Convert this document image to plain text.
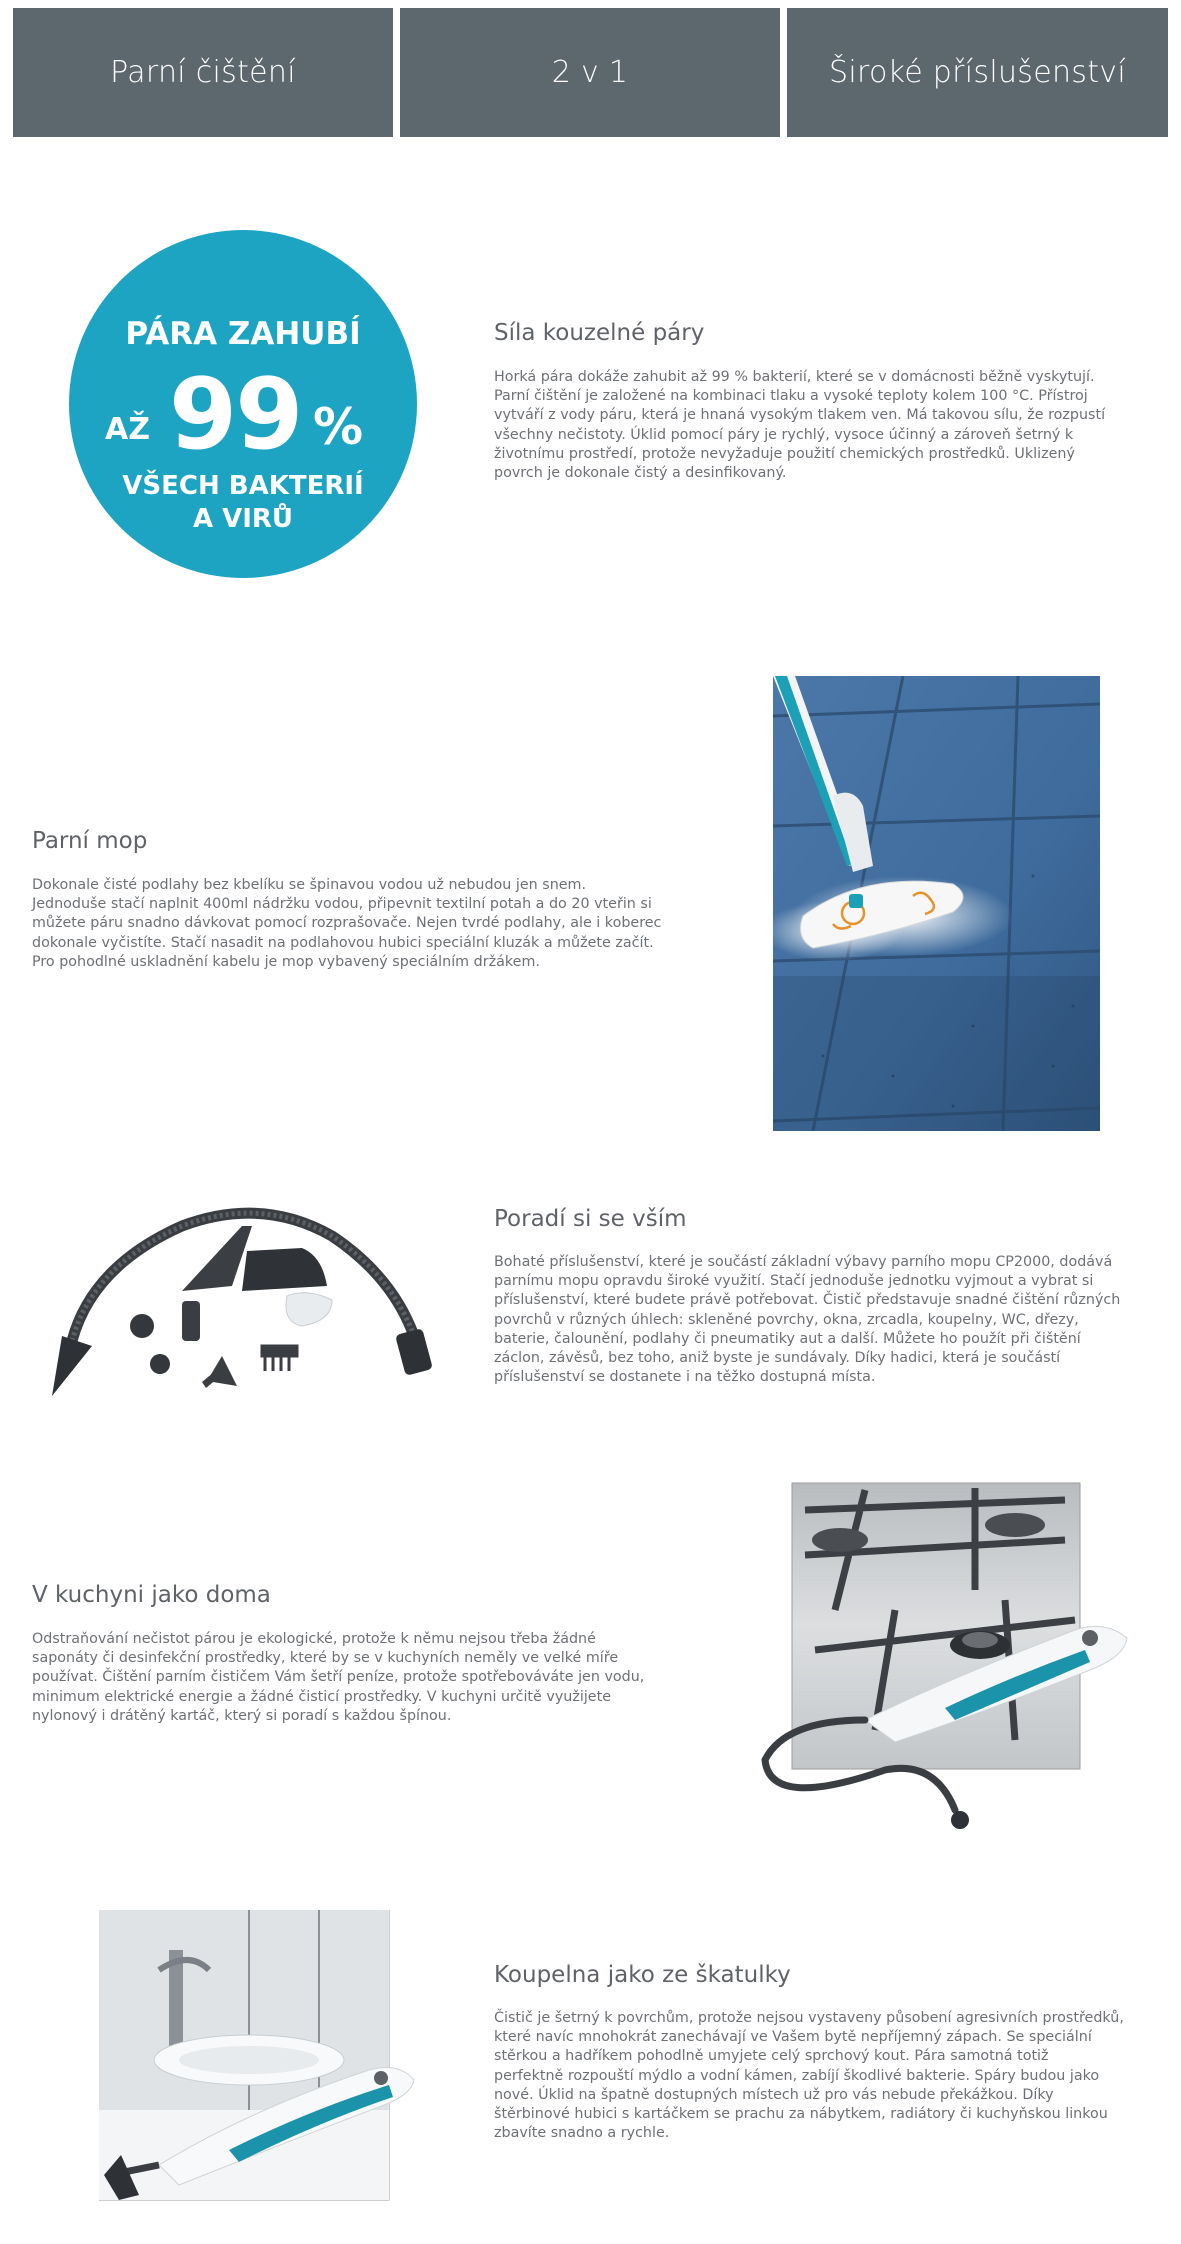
Parní čištění	2 v 1	Široké příslušenství
PÁRA ZAHUBÍ
AŽ 99 %
VŠECH BAKTERIÍ
A VIRŮ
Síla kouzelné páry
Horká pára dokáže zahubit až 99 % bakterií, které se v domácnosti běžně vyskytují.
Parní čištění je založené na kombinaci tlaku a vysoké teploty kolem 100 °C. Přístroj
vytváří z vody páru, která je hnaná vysokým tlakem ven. Má takovou sílu, že rozpustí
všechny nečistoty. Úklid pomocí páry je rychlý, vysoce účinný a zároveň šetrný k
životnímu prostředí, protože nevyžaduje použití chemických prostředků. Uklizený
povrch je dokonale čistý a desinfikovaný.
Parní mop
Dokonale čisté podlahy bez kbelíku se špinavou vodou už nebudou jen snem.
Jednoduše stačí naplnit 400ml nádržku vodou, připevnit textilní potah a do 20 vteřin si
můžete páru snadno dávkovat pomocí rozprašovače. Nejen tvrdé podlahy, ale i koberec
dokonale vyčistíte. Stačí nasadit na podlahovou hubici speciální kluzák a můžete začít.
Pro pohodlné uskladnění kabelu je mop vybavený speciálním držákem.
Poradí si se vším
Bohaté příslušenství, které je součástí základní výbavy parního mopu CP2000, dodává
parnímu mopu opravdu široké využití. Stačí jednoduše jednotku vyjmout a vybrat si
příslušenství, které budete právě potřebovat. Čistič představuje snadné čištění různých
povrchů v různých úhlech: skleněné povrchy, okna, zrcadla, koupelny, WC, dřezy,
baterie, čalounění, podlahy či pneumatiky aut a další. Můžete ho použít při čištění
záclon, závěsů, bez toho, aniž byste je sundávaly. Díky hadici, která je součástí
příslušenství se dostanete i na těžko dostupná místa.
V kuchyni jako doma
Odstraňování nečistot párou je ekologické, protože k němu nejsou třeba žádné
saponáty či desinfekční prostředky, které by se v kuchyních neměly ve velké míře
používat. Čištění parním čističem Vám šetří peníze, protože spotřebováváte jen vodu,
minimum elektrické energie a žádné čisticí prostředky. V kuchyni určitě využijete
nylonový i drátěný kartáč, který si poradí s každou špínou.
Koupelna jako ze škatulky
Čistič je šetrný k povrchům, protože nejsou vystaveny působení agresivních prostředků,
které navíc mnohokrát zanechávají ve Vašem bytě nepříjemný zápach. Se speciální
stěrkou a hadříkem pohodlně umyjete celý sprchový kout. Pára samotná totiž
perfektně rozpouští mýdlo a vodní kámen, zabíjí škodlivé bakterie. Spáry budou jako
nové. Úklid na špatně dostupných místech už pro vás nebude překážkou. Díky
štěrbinové hubici s kartáčkem se prachu za nábytkem, radiátory či kuchyňskou linkou
zbavíte snadno a rychle.
